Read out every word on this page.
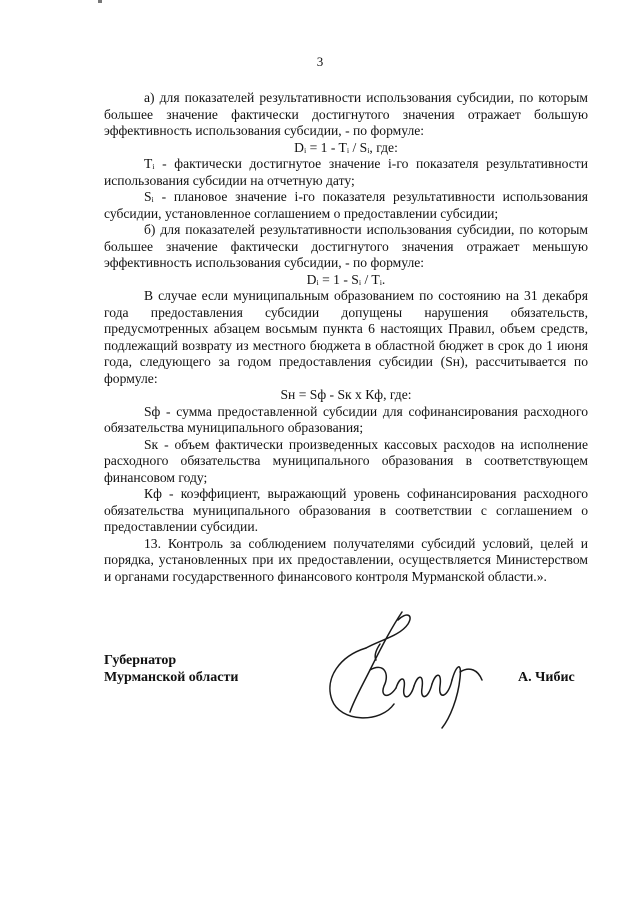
3

а) для показателей результативности использования субсидии, по которым большее значение фактически достигнутого значения отражает большую эффективность использования субсидии, - по формуле:

Dᵢ = 1 - Tᵢ / Sᵢ, где:

Tᵢ - фактически достигнутое значение i-го показателя результативности использования субсидии на отчетную дату;

Sᵢ - плановое значение i-го показателя результативности использования субсидии, установленное соглашением о предоставлении субсидии;

б) для показателей результативности использования субсидии, по которым большее значение фактически достигнутого значения отражает меньшую эффективность использования субсидии, - по формуле:

Dᵢ = 1 - Sᵢ / Tᵢ.

В случае если муниципальным образованием по состоянию на 31 декабря года предоставления субсидии допущены нарушения обязательств, предусмотренных абзацем восьмым пункта 6 настоящих Правил, объем средств, подлежащий возврату из местного бюджета в областной бюджет в срок до 1 июня года, следующего за годом предоставления субсидии (Sн), рассчитывается по формуле:

Sн = Sф - Sк х Кф, где:

Sф - сумма предоставленной субсидии для софинансирования расходного обязательства муниципального образования;

Sк - объем фактически произведенных кассовых расходов на исполнение расходного обязательства муниципального образования в соответствующем финансовом году;

Кф - коэффициент, выражающий уровень софинансирования расходного обязательства муниципального образования в соответствии с соглашением о предоставлении субсидии.

13. Контроль за соблюдением получателями субсидий условий, целей и порядка, установленных при их предоставлении, осуществляется Министерством и органами государственного финансового контроля Мурманской области.».

Губернатор
Мурманской области	А. Чибис
